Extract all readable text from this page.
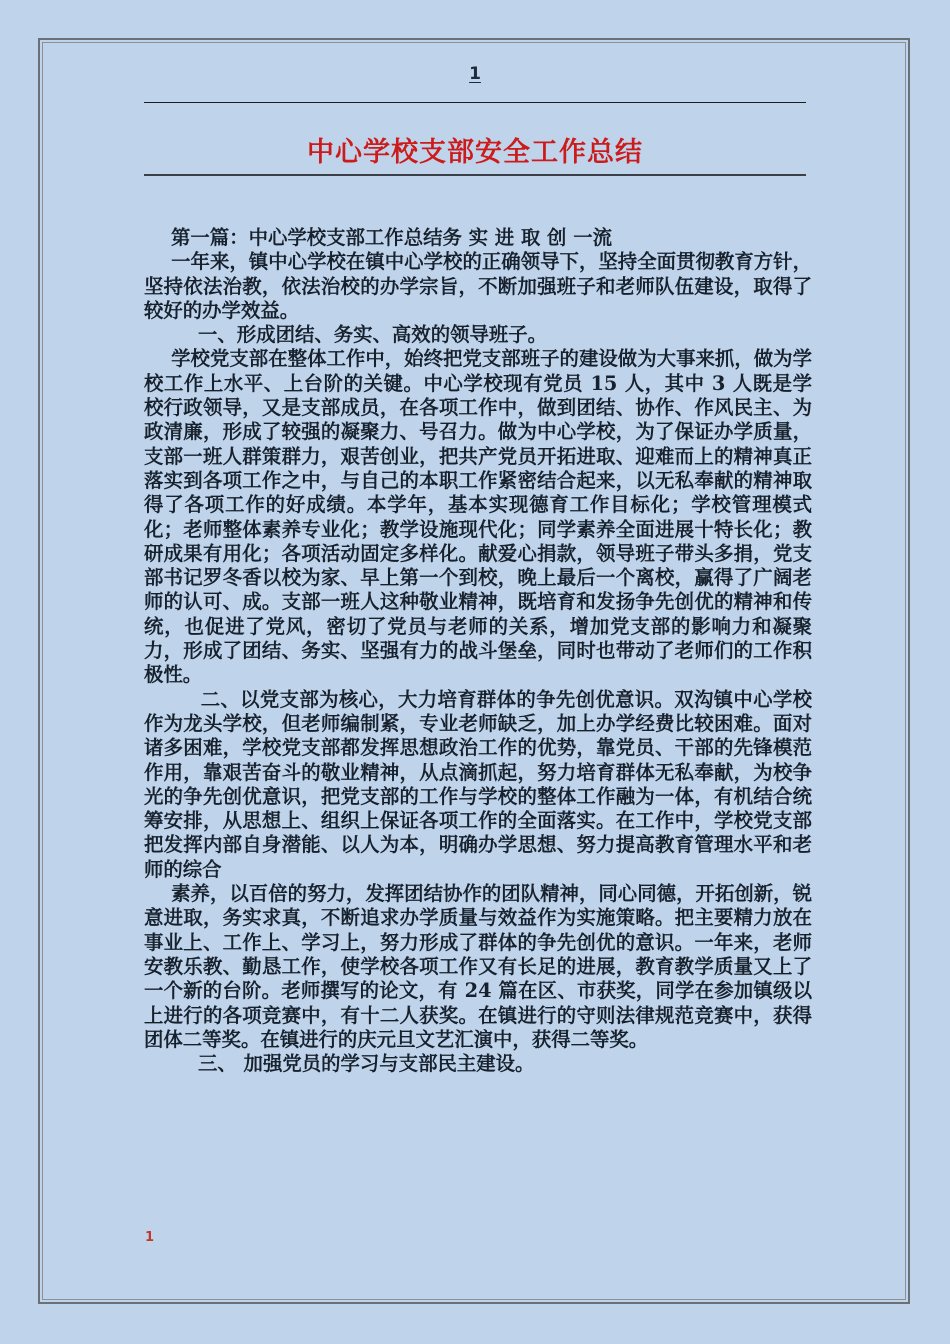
1
中心学校支部安全工作总结

第一篇：中心学校支部工作总结务 实 进 取 创 一流

一年来，镇中心学校在镇中心学校的正确领导下，坚持全面贯彻教育方针，坚持依法治教，依法治校的办学宗旨，不断加强班子和老师队伍建设，取得了较好的办学效益。

一、形成团结、务实、高效的领导班子。

学校党支部在整体工作中，始终把党支部班子的建设做为大事来抓，做为学校工作上水平、上台阶的关键。中心学校现有党员 15 人，其中 3 人既是学校行政领导，又是支部成员，在各项工作中，做到团结、协作、作风民主、为政清廉，形成了较强的凝聚力、号召力。做为中心学校，为了保证办学质量，支部一班人群策群力，艰苦创业，把共产党员开拓进取、迎难而上的精神真正落实到各项工作之中，与自己的本职工作紧密结合起来，以无私奉献的精神取得了各项工作的好成绩。本学年，基本实现德育工作目标化；学校管理模式化；老师整体素养专业化；教学设施现代化；同学素养全面进展十特长化；教研成果有用化；各项活动固定多样化。献爱心捐款，领导班子带头多捐，党支部书记罗冬香以校为家、早上第一个到校，晚上最后一个离校，赢得了广阔老师的认可、成。支部一班人这种敬业精神，既培育和发扬争先创优的精神和传统，也促进了党风，密切了党员与老师的关系，增加党支部的影响力和凝聚力，形成了团结、务实、坚强有力的战斗堡垒，同时也带动了老师们的工作积极性。

二、以党支部为核心，大力培育群体的争先创优意识。双沟镇中心学校作为龙头学校，但老师编制紧，专业老师缺乏，加上办学经费比较困难。面对诸多困难，学校党支部都发挥思想政治工作的优势，靠党员、干部的先锋模范作用，靠艰苦奋斗的敬业精神，从点滴抓起，努力培育群体无私奉献，为校争光的争先创优意识，把党支部的工作与学校的整体工作融为一体，有机结合统筹安排，从思想上、组织上保证各项工作的全面落实。在工作中，学校党支部把发挥内部自身潜能、以人为本，明确办学思想、努力提高教育管理水平和老师的综合

素养，以百倍的努力，发挥团结协作的团队精神，同心同德，开拓创新，锐意进取，务实求真，不断追求办学质量与效益作为实施策略。把主要精力放在事业上、工作上、学习上，努力形成了群体的争先创优的意识。一年来，老师安教乐教、勤恳工作，使学校各项工作又有长足的进展，教育教学质量又上了一个新的台阶。老师撰写的论文，有 24 篇在区、市获奖，同学在参加镇级以上进行的各项竞赛中，有十二人获奖。在镇进行的守则法律规范竞赛中，获得团体二等奖。在镇进行的庆元旦文艺汇演中，获得二等奖。

三、 加强党员的学习与支部民主建设。

1
